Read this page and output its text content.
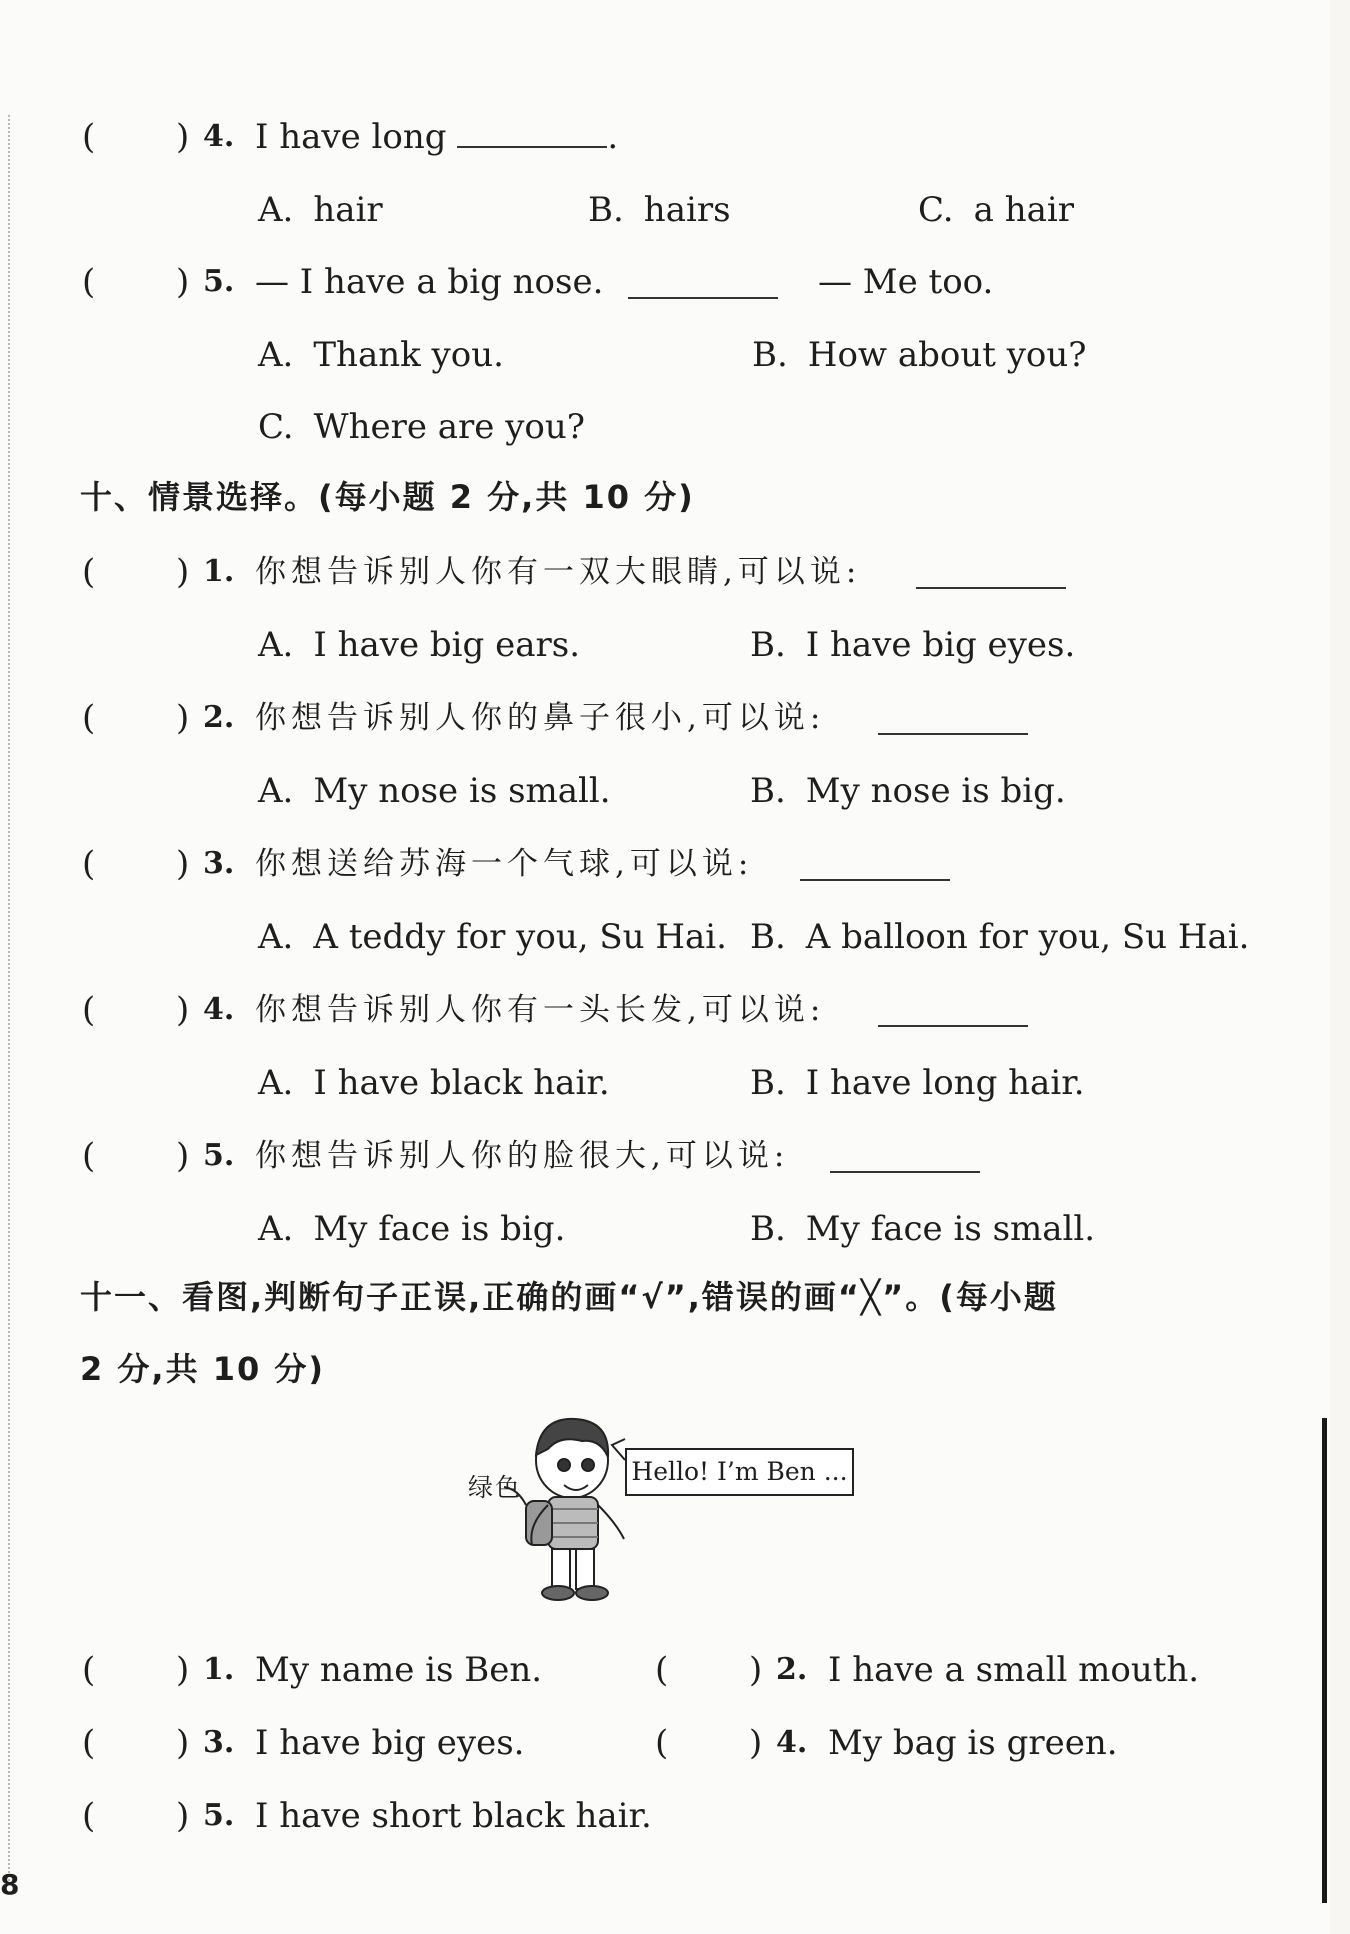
( ) 4. I have long	.
A. hair	B. hairs	C. a hair
( ) 5. — I have a big nose.	— Me too.
A. Thank you.	B. How about you?
C. Where are you?
十、情景选择。(每小题 2 分,共 10 分)
( ) 1. 你想告诉别人你有一双大眼睛,可以说:
A. I have big ears.	B. I have big eyes.
( ) 2. 你想告诉别人你的鼻子很小,可以说:
A. My nose is small.	B. My nose is big.
( ) 3. 你想送给苏海一个气球,可以说:
A. A teddy for you, Su Hai. B. A balloon for you, Su Hai.
( ) 4. 你想告诉别人你有一头长发,可以说:
A. I have black hair.	B. I have long hair.
( ) 5. 你想告诉别人你的脸很大,可以说:
A. My face is big.	B. My face is small.
十一、看图,判断句子正误,正确的画“√”,错误的画“╳”。(每小题
2 分,共 10 分)
绿色
Hello! I’m Ben ...
( ) 1. My name is Ben.	( ) 2. I have a small mouth.
( ) 3. I have big eyes.	( ) 4. My bag is green.
( ) 5. I have short black hair.
8
